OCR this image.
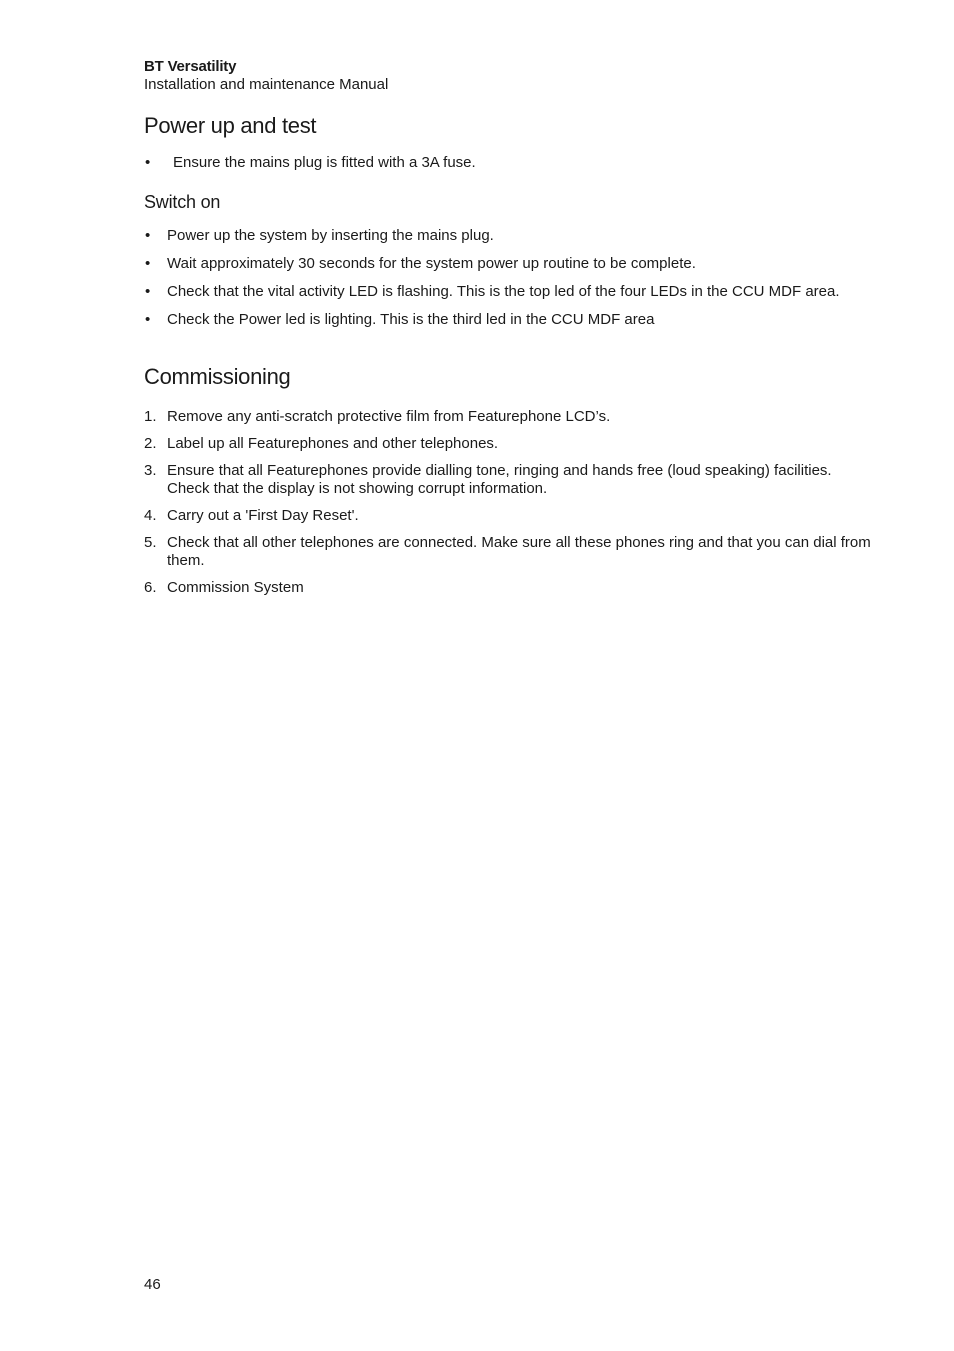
BT Versatility
Installation and maintenance Manual
Power up and test
• Ensure the mains plug is fitted with a 3A fuse.
Switch on
• Power up the system by inserting the mains plug.
• Wait approximately 30 seconds for the system power up routine to be complete.
• Check that the vital activity LED is flashing. This is the top led of the four LEDs in the CCU MDF area.
• Check the Power led is lighting. This is the third led in the CCU MDF area
Commissioning
1. Remove any anti-scratch protective film from Featurephone LCD’s.
2. Label up all Featurephones and other telephones.
3. Ensure that all Featurephones provide dialling tone, ringing and hands free (loud speaking) facilities. Check that the display is not showing corrupt information.
4. Carry out a 'First Day Reset'.
5. Check that all other telephones are connected. Make sure all these phones ring and that you can dial from them.
6. Commission System
46
